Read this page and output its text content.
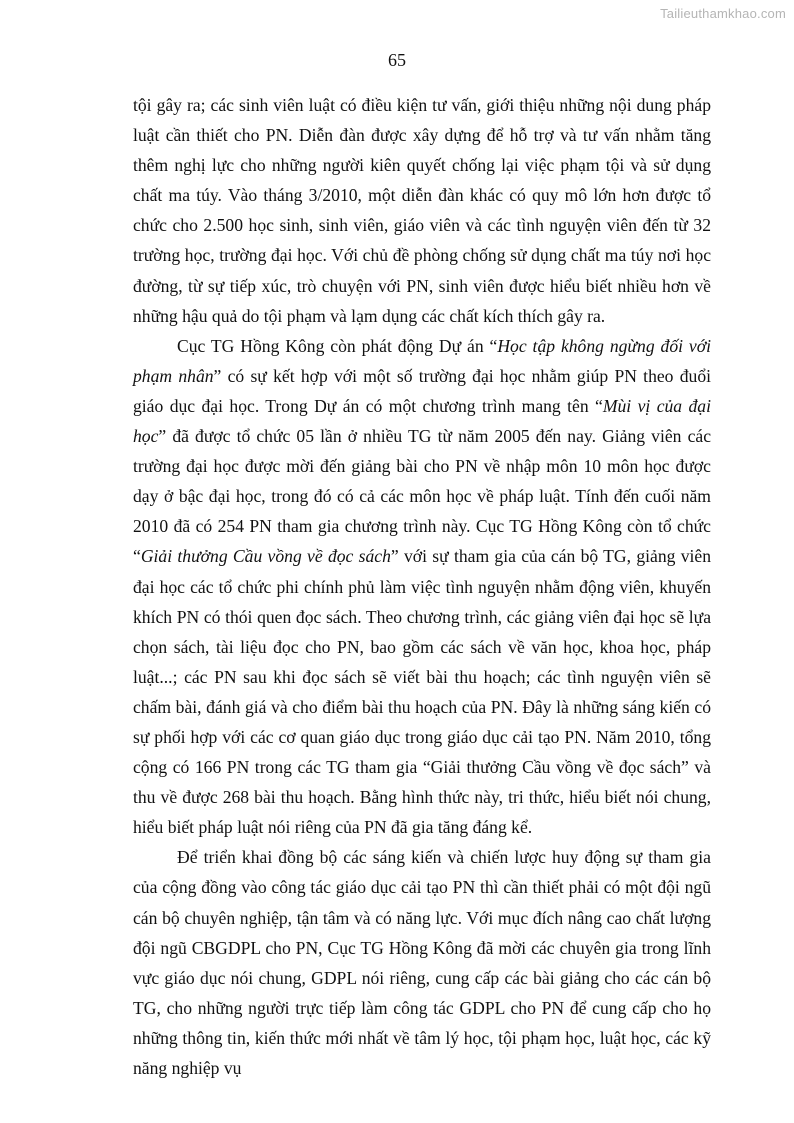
Tailieuthamkhao.com
65

tội gây ra; các sinh viên luật có điều kiện tư vấn, giới thiệu những nội dung pháp luật cần thiết cho PN. Diễn đàn được xây dựng để hỗ trợ và tư vấn nhằm tăng thêm nghị lực cho những người kiên quyết chống lại việc phạm tội và sử dụng chất ma túy. Vào tháng 3/2010, một diễn đàn khác có quy mô lớn hơn được tổ chức cho 2.500 học sinh, sinh viên, giáo viên và các tình nguyện viên đến từ 32 trường học, trường đại học. Với chủ đề phòng chống sử dụng chất ma túy nơi học đường, từ sự tiếp xúc, trò chuyện với PN, sinh viên được hiểu biết nhiều hơn về những hậu quả do tội phạm và lạm dụng các chất kích thích gây ra.

Cục TG Hồng Kông còn phát động Dự án “Học tập không ngừng đối với phạm nhân” có sự kết hợp với một số trường đại học nhằm giúp PN theo đuổi giáo dục đại học. Trong Dự án có một chương trình mang tên “Mùi vị của đại học” đã được tổ chức 05 lần ở nhiều TG từ năm 2005 đến nay. Giảng viên các trường đại học được mời đến giảng bài cho PN về nhập môn 10 môn học được dạy ở bậc đại học, trong đó có cả các môn học về pháp luật. Tính đến cuối năm 2010 đã có 254 PN tham gia chương trình này. Cục TG Hồng Kông còn tổ chức “Giải thưởng Cầu vồng về đọc sách” với sự tham gia của cán bộ TG, giảng viên đại học các tổ chức phi chính phủ làm việc tình nguyện nhằm động viên, khuyến khích PN có thói quen đọc sách. Theo chương trình, các giảng viên đại học sẽ lựa chọn sách, tài liệu đọc cho PN, bao gồm các sách về văn học, khoa học, pháp luật...; các PN sau khi đọc sách sẽ viết bài thu hoạch; các tình nguyện viên sẽ chấm bài, đánh giá và cho điểm bài thu hoạch của PN. Đây là những sáng kiến có sự phối hợp với các cơ quan giáo dục trong giáo dục cải tạo PN. Năm 2010, tổng cộng có 166 PN trong các TG tham gia “Giải thưởng Cầu vồng về đọc sách” và thu về được 268 bài thu hoạch. Bằng hình thức này, tri thức, hiểu biết nói chung, hiểu biết pháp luật nói riêng của PN đã gia tăng đáng kể.

Để triển khai đồng bộ các sáng kiến và chiến lược huy động sự tham gia của cộng đồng vào công tác giáo dục cải tạo PN thì cần thiết phải có một đội ngũ cán bộ chuyên nghiệp, tận tâm và có năng lực. Với mục đích nâng cao chất lượng đội ngũ CBGDPL cho PN, Cục TG Hồng Kông đã mời các chuyên gia trong lĩnh vực giáo dục nói chung, GDPL nói riêng, cung cấp các bài giảng cho các cán bộ TG, cho những người trực tiếp làm công tác GDPL cho PN để cung cấp cho họ những thông tin, kiến thức mới nhất về tâm lý học, tội phạm học, luật học, các kỹ năng nghiệp vụ
